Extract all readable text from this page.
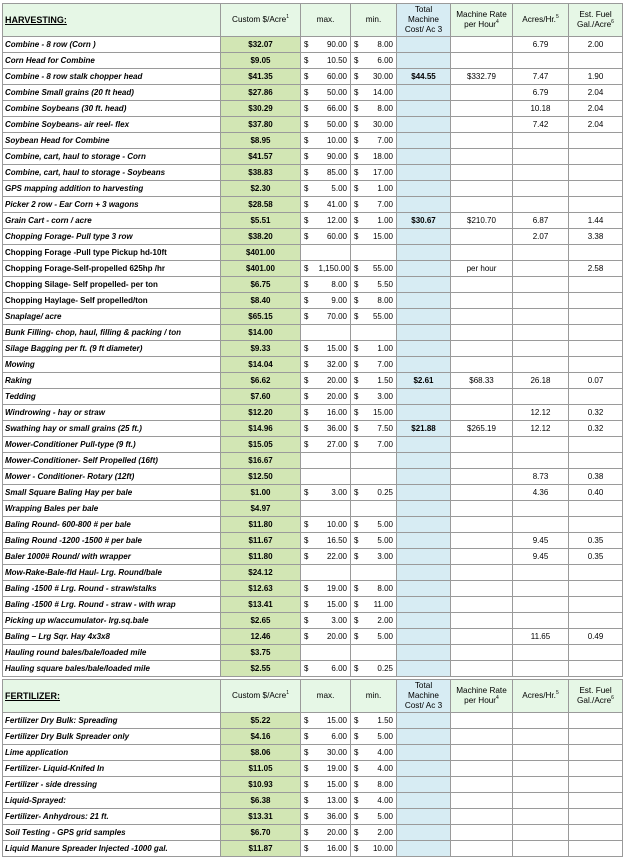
HARVESTING:	Custom $/Acre$^1$	max.		min.		Total Machine Cost/ Ac 3	Machine Rate per Hour$^4$	Acres/Hr.$^5$	Est. Fuel Gal./Acre$^6$
Combine - 8 row (Corn )	$32.07	$	90.00	$	8.00			6.79	2.00
Corn Head for Combine	$9.05	$	10.50	$	6.00				
Combine - 8 row stalk chopper head	$41.35	$	60.00	$	30.00	$44.55	$332.79	7.47	1.90
Combine Small grains (20 ft head)	$27.86	$	50.00	$	14.00			6.79	2.04
Combine Soybeans (30 ft. head)	$30.29	$	66.00	$	8.00			10.18	2.04
Combine Soybeans- air reel- flex	$37.80	$	50.00	$	30.00			7.42	2.04
Soybean Head for Combine	$8.95	$	10.00	$	7.00				
Combine, cart, haul to storage - Corn	$41.57	$	90.00	$	18.00				
Combine, cart, haul to storage - Soybeans	$38.83	$	85.00	$	17.00				
GPS mapping addition to harvesting	$2.30	$	5.00	$	1.00				
Picker 2 row - Ear Corn + 3 wagons	$28.58	$	41.00	$	7.00				
Grain Cart - corn / acre	$5.51	$	12.00	$	1.00	$30.67	$210.70	6.87	1.44
Chopping Forage- Pull type 3 row	$38.20	$	60.00	$	15.00			2.07	3.38
Chopping Forage -Pull type Pickup hd-10ft	$401.00								
Chopping Forage-Self-propelled 625hp /hr	$401.00	$	1,150.00	$	55.00		per hour		2.58
Chopping Silage- Self propelled- per ton	$6.75	$	8.00	$	5.50				
Chopping Haylage- Self propelled/ton	$8.40	$	9.00	$	8.00				
Snaplage/ acre	$65.15	$	70.00	$	55.00				
Bunk Filling- chop, haul, filling & packing / ton	$14.00								
Silage Bagging per ft. (9 ft diameter)	$9.33	$	15.00	$	1.00				
Mowing	$14.04	$	32.00	$	7.00				
Raking	$6.62	$	20.00	$	1.50	$2.61	$68.33	26.18	0.07
Tedding	$7.60	$	20.00	$	3.00				
Windrowing - hay or straw	$12.20	$	16.00	$	15.00			12.12	0.32
Swathing hay or small grains (25 ft.)	$14.96	$	36.00	$	7.50	$21.88	$265.19	12.12	0.32
Mower-Conditioner Pull-type (9 ft.)	$15.05	$	27.00	$	7.00				
Mower-Conditioner- Self Propelled (16ft)	$16.67								
Mower - Conditioner- Rotary (12ft)	$12.50							8.73	0.38
Small Square Baling Hay per bale	$1.00	$	3.00	$	0.25			4.36	0.40
Wrapping Bales per bale	$4.97								
Baling Round- 600-800 # per bale	$11.80	$	10.00	$	5.00				
Baling Round -1200 -1500 # per bale	$11.67	$	16.50	$	5.00			9.45	0.35
Baler 1000# Round/ with wrapper	$11.80	$	22.00	$	3.00			9.45	0.35
Mow-Rake-Bale-fld Haul- Lrg. Round/bale	$24.12								
Baling -1500 # Lrg. Round - straw/stalks	$12.63	$	19.00	$	8.00				
Baling -1500 # Lrg. Round - straw - with wrap	$13.41	$	15.00	$	11.00				
Picking up w/accumulator- lrg.sq.bale	$2.65	$	3.00	$	2.00				
Baling – Lrg Sqr. Hay 4x3x8	12.46	$	20.00	$	5.00			11.65	0.49
Hauling round bales/bale/loaded mile	$3.75								
Hauling square bales/bale/loaded mile	$2.55	$	6.00	$	0.25				

FERTILIZER:	Custom $/Acre$^1$	max.		min.		Total Machine Cost/ Ac 3	Machine Rate per Hour$^4$	Acres/Hr.$^5$	Est. Fuel Gal./Acre$^6$
Fertilizer Dry Bulk: Spreading	$5.22	$	15.00	$	1.50				
Fertilizer Dry Bulk Spreader only	$4.16	$	6.00	$	5.00				
Lime application	$8.06	$	30.00	$	4.00				
Fertilizer- Liquid-Knifed In	$11.05	$	19.00	$	4.00				
Fertilizer - side dressing	$10.93	$	15.00	$	8.00				
Liquid-Sprayed:	$6.38	$	13.00	$	4.00				
Fertilizer- Anhydrous: 21 ft.	$13.31	$	36.00	$	5.00				
Soil Testing - GPS grid samples	$6.70	$	20.00	$	2.00				
Liquid Manure Spreader Injected -1000 gal.	$11.87	$	16.00	$	10.00				
